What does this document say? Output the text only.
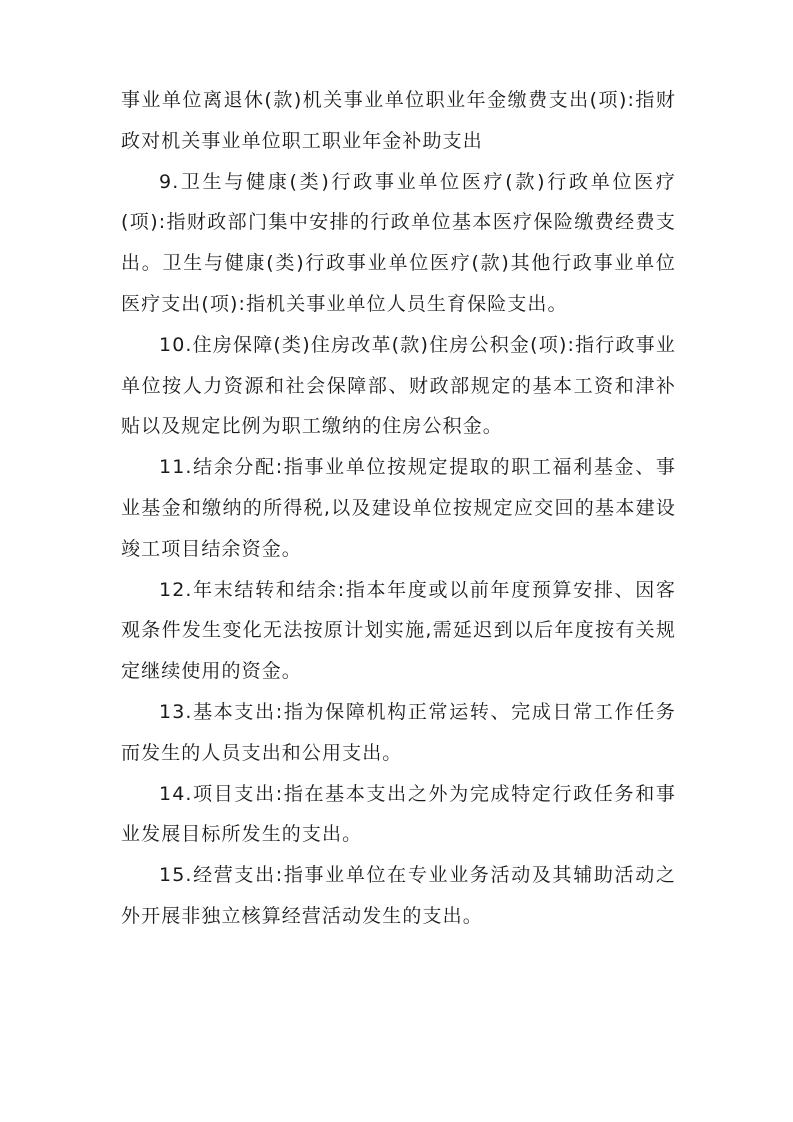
事业单位离退休(款)机关事业单位职业年金缴费支出(项):指财政对机关事业单位职工职业年金补助支出

9.卫生与健康(类)行政事业单位医疗(款)行政单位医疗(项):指财政部门集中安排的行政单位基本医疗保险缴费经费支出。卫生与健康(类)行政事业单位医疗(款)其他行政事业单位医疗支出(项):指机关事业单位人员生育保险支出。

10.住房保障(类)住房改革(款)住房公积金(项):指行政事业单位按人力资源和社会保障部、财政部规定的基本工资和津补贴以及规定比例为职工缴纳的住房公积金。

11.结余分配:指事业单位按规定提取的职工福利基金、事业基金和缴纳的所得税,以及建设单位按规定应交回的基本建设竣工项目结余资金。

12.年末结转和结余:指本年度或以前年度预算安排、因客观条件发生变化无法按原计划实施,需延迟到以后年度按有关规定继续使用的资金。

13.基本支出:指为保障机构正常运转、完成日常工作任务而发生的人员支出和公用支出。

14.项目支出:指在基本支出之外为完成特定行政任务和事业发展目标所发生的支出。

15.经营支出:指事业单位在专业业务活动及其辅助活动之外开展非独立核算经营活动发生的支出。
